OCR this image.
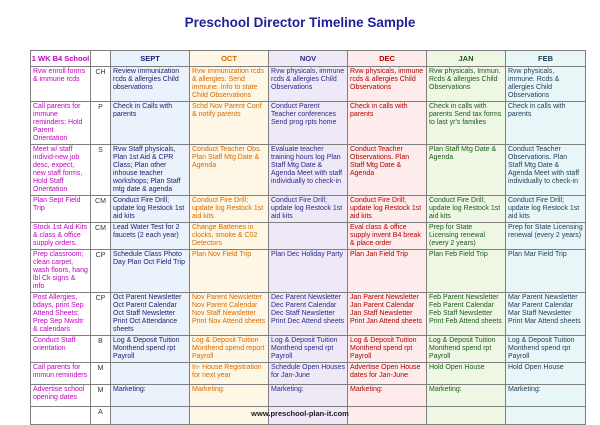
Preschool Director Timeline Sample
1 WK B4 School		SEPT	OCT	NOV	DEC	JAN	FEB
Rvw enroll forms & immune rcds	CH	Review immunization rcds & allergies Child observations	Rvw immunization rcds & allergies. Send immune. Info to state Child Observations	Rvw physicals, immune rcds & allergies Child Observations	Rvw physicals, immune rcds & allergies Child Observations	Rvw physicals, Immun. Rcds & allergies Child Observations	Rvw physicals, immune. Rcds & allergies Child Observations
Call parents for immune reminders; Hold Parent Orientation	P	Check in Calls with parents	Schd Nov Parent Conf & notify parents	Conduct Parent Teacher conferences Send prog rpts home	Check in calls with parents	Check in calls with parents Send tax forms to last yr's families	Check in calls with parents
Meet w/ staff individ-new job desc, expect, new staff forms, Hold Staff Orientation	S	Rvw Staff physicals, Plan 1st Aid & CPR Class; Plan other inhouse teacher workshops; Plan Staff mtg date & agenda	Conduct Teacher Obs. Plan Staff Mtg Date & Agenda	Evaluate teacher training hours log Plan Staff Mtg Date & Agenda Meet with staff individually to check-in	Conduct Teacher Observations. Plan Staff Mtg Date & Agenda	Plan Staff Mtg Date & Agenda	Conduct Teacher Observations. Plan Staff Mtg Date & Agenda Meet with staff individually to check-in
Plan Sept Field Trip	CM	Conduct Fire Drill; update log Restock 1st aid kits	Conduct Fire Drill; update log Restock 1st aid kits	Conduct Fire Drill; update log Restock 1st aid kits	Conduct Fire Drill; update log Restock 1st aid kits	Conduct Fire Drill; update log Restock 1st aid kits	Conduct Fire Drill; update log Restock 1st aid kits
Stock 1st Aid Kits & class & office supply orders.	CM	Lead Water Test for 2 faucets (2 each year)	Change Batteries in clocks, smoke & C02 Detectors		Eval class & office supply invent B4 break & place order	Prep for State Licensing renewal (every 2 years)	Prep for State Licensing renewal (every 2 years)
Prep classroom; clean carpet, wash floors, hang lbl Ck signs & info	CP	Schedule Class Photo Day Plan Oct Field Trip	Plan Nov Field Trip	Plan Dec Holiday Party	Plan Jan Field Trip	Plan Feb Field Trip	Plan Mar Field Trip
Post Allergies, bdays, print Sep Attend Sheets; Prep Sep Nwsltr & calendars	CP	Oct Parent Newsletter Oct Parent Calendar Oct Staff Newsletter Print Oct Attendance sheets	Nov Parent Newsletter Nov Parent Calendar Nov Staff Newsletter Print Nov Attend sheets	Dec Parent Newsletter Dec Parent Calendar Dec Staff Newsletter Print Dec Attend sheets	Jan Parent Newsletter Jan Parent Calendar Jan Staff Newsletter Print Jan Attend sheets	Feb Parent Newsletter Feb Parent Calendar Feb Staff Newsletter Print Feb Attend sheets	Mar Parent Newsletter Mar Parent Calendar Mar Staff Newsletter Print Mar Attend sheets
Conduct Staff orientation	B	Log & Deposit Tuition Monthend spend rpt Payroll	Log & Deposit Tuition Monthend spend report Payroll	Log & Deposit Tuition Monthend spend rpt Payroll	Log & Deposit Tuition Monthend spend rpt Payroll	Log & Deposit Tuition Monthend spend rpt Payroll	Log & Deposit Tuition Monthend spend rpt Payroll
Call parents for immun reminders	M		In- House Registration for next year	Schedule Open Houses for Jan-June	Advertise Open House dates for Jan-June	Hold Open House	Hold Open House
Advertise school opening dates	M	Marketing:	Marketing:	Marketing:	Marketing:	Marketing:	Marketing:
	A							www.preschool-plan-it.com
